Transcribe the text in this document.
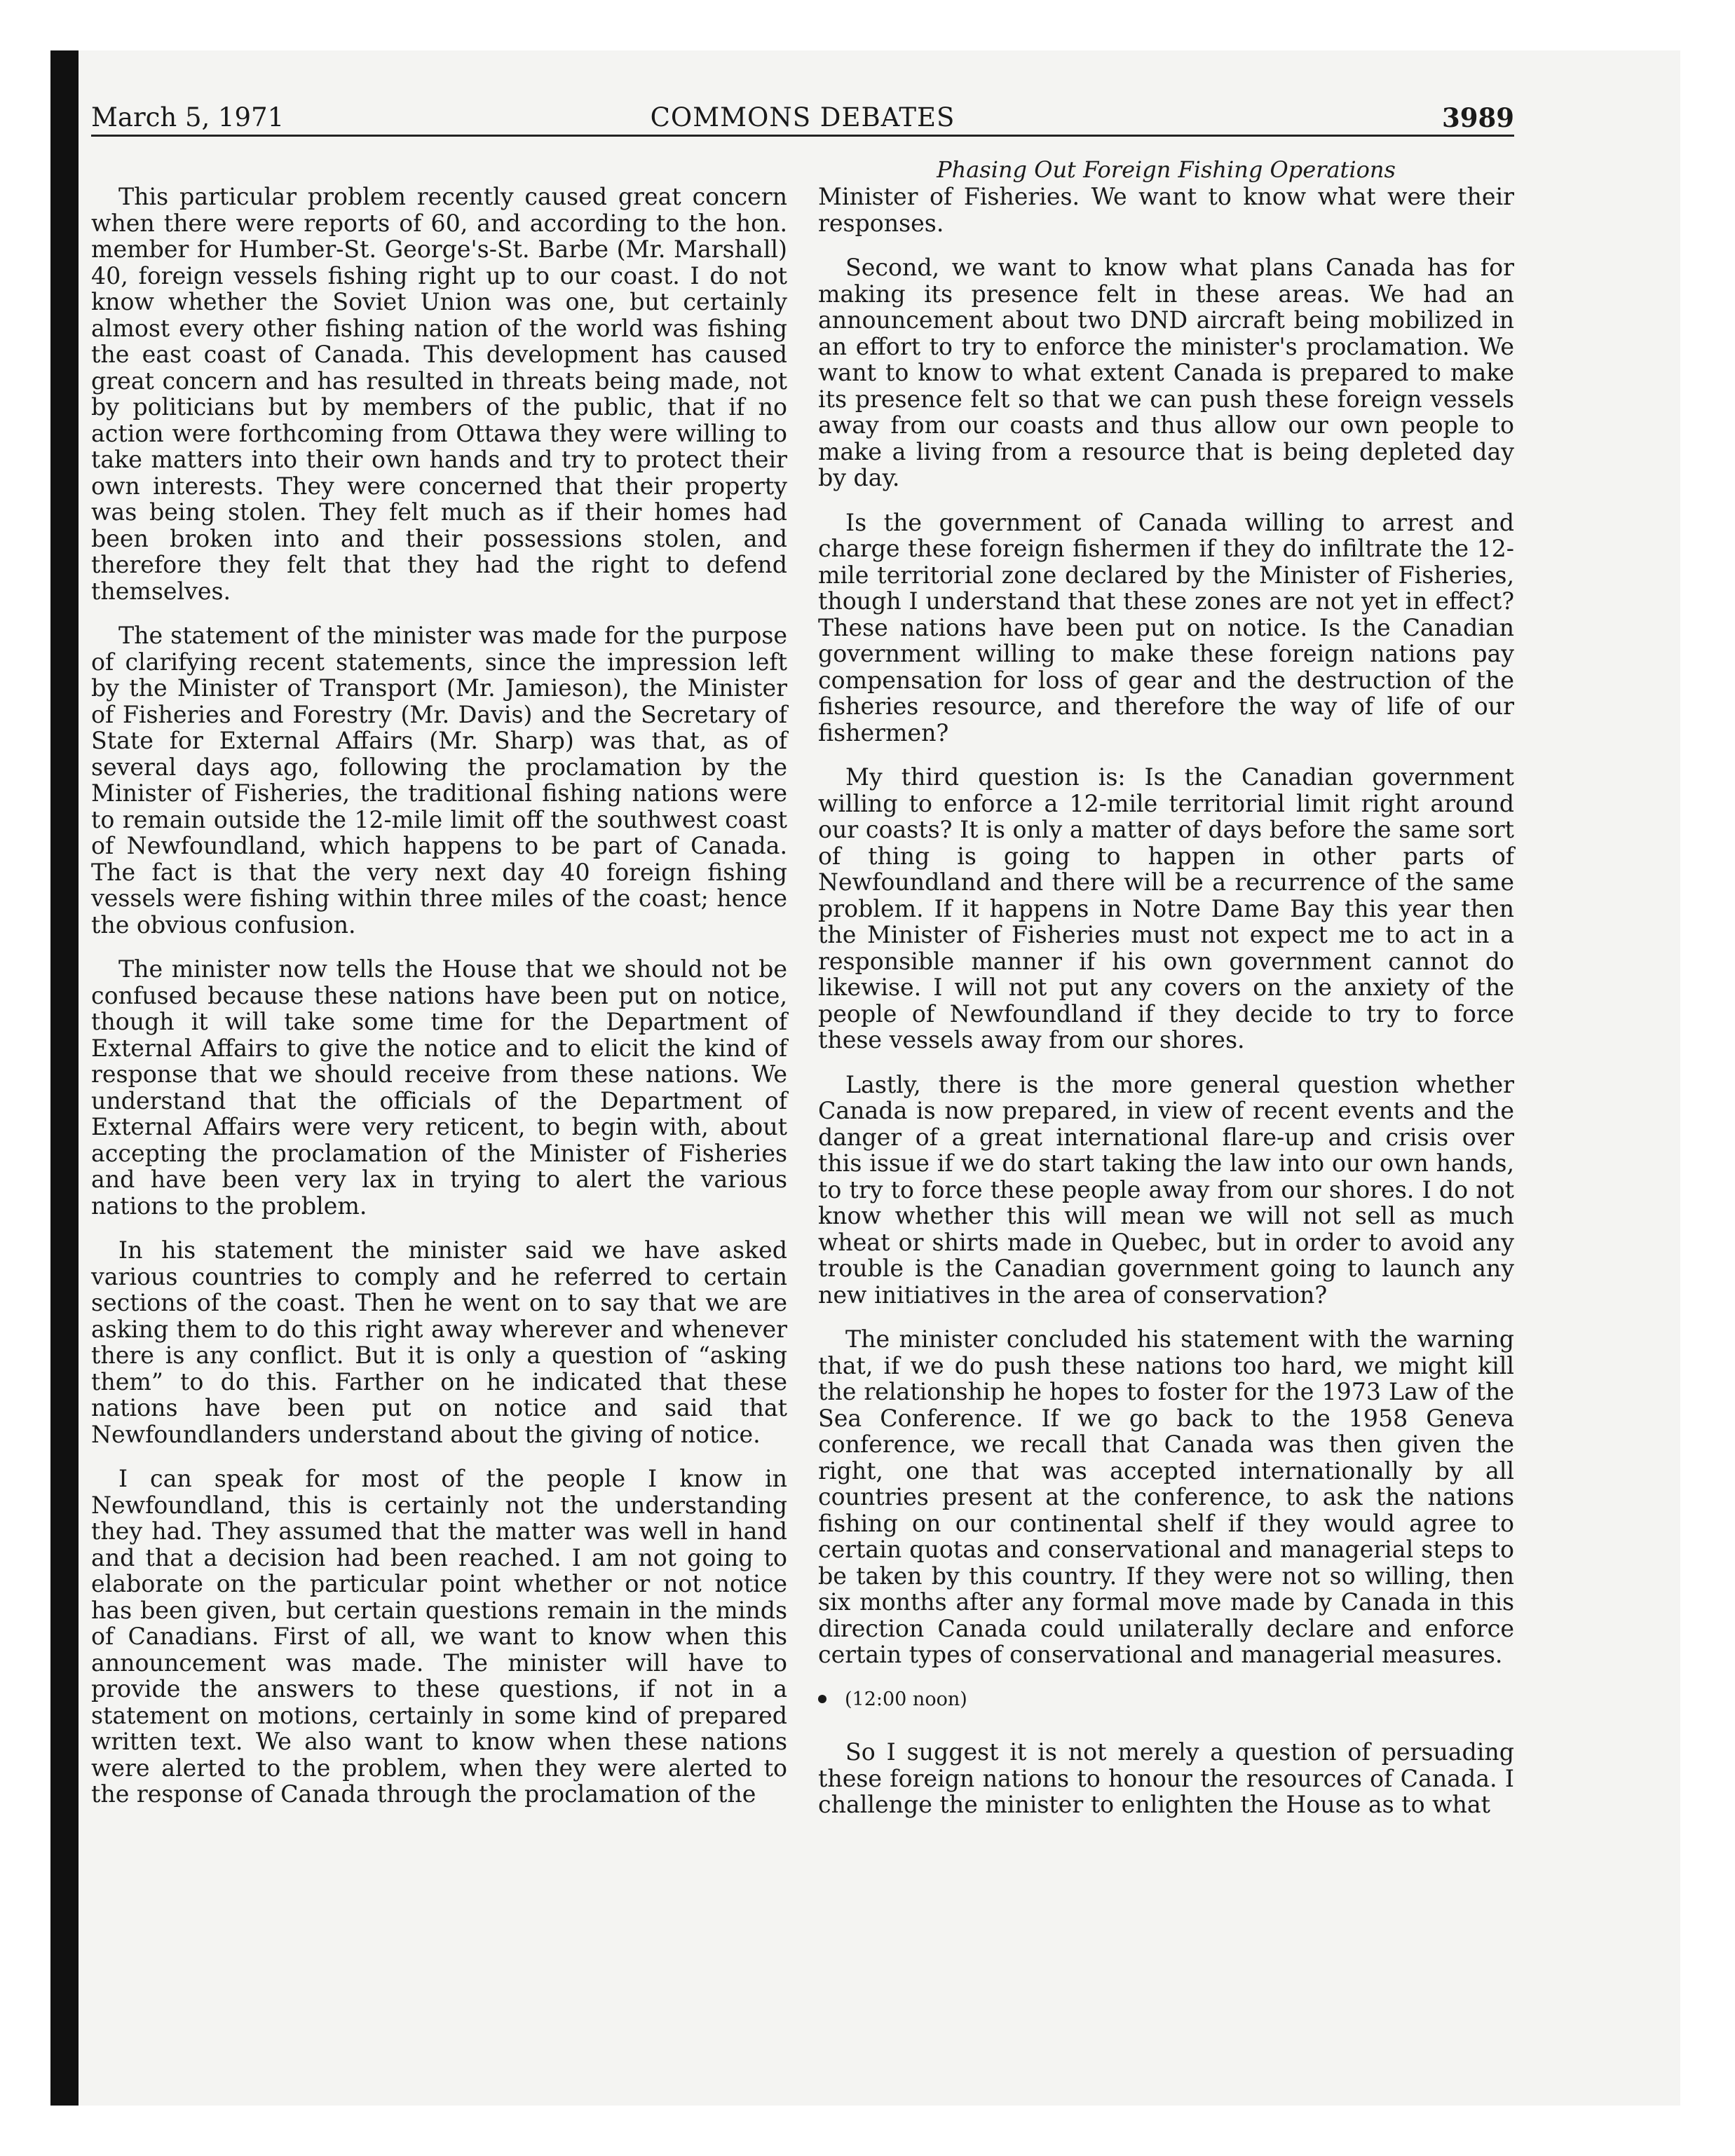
March 5, 1971	COMMONS DEBATES	3989
Phasing Out Foreign Fishing Operations

This particular problem recently caused great concern when there were reports of 60, and according to the hon. member for Humber-St. George's-St. Barbe (Mr. Marshall) 40, foreign vessels fishing right up to our coast. I do not know whether the Soviet Union was one, but certainly almost every other fishing nation of the world was fishing the east coast of Canada. This development has caused great concern and has resulted in threats being made, not by politicians but by members of the public, that if no action were forthcoming from Ottawa they were willing to take matters into their own hands and try to protect their own interests. They were concerned that their property was being stolen. They felt much as if their homes had been broken into and their possessions stolen, and therefore they felt that they had the right to defend themselves.

The statement of the minister was made for the purpose of clarifying recent statements, since the impression left by the Minister of Transport (Mr. Jamieson), the Minister of Fisheries and Forestry (Mr. Davis) and the Secretary of State for External Affairs (Mr. Sharp) was that, as of several days ago, following the proclamation by the Minister of Fisheries, the traditional fishing nations were to remain outside the 12-mile limit off the southwest coast of Newfoundland, which happens to be part of Canada. The fact is that the very next day 40 foreign fishing vessels were fishing within three miles of the coast; hence the obvious confusion.

The minister now tells the House that we should not be confused because these nations have been put on notice, though it will take some time for the Department of External Affairs to give the notice and to elicit the kind of response that we should receive from these nations. We understand that the officials of the Department of External Affairs were very reticent, to begin with, about accepting the proclamation of the Minister of Fisheries and have been very lax in trying to alert the various nations to the problem.

In his statement the minister said we have asked various countries to comply and he referred to certain sections of the coast. Then he went on to say that we are asking them to do this right away wherever and whenever there is any conflict. But it is only a question of “asking them” to do this. Farther on he indicated that these nations have been put on notice and said that Newfoundlanders understand about the giving of notice.

I can speak for most of the people I know in Newfoundland, this is certainly not the understanding they had. They assumed that the matter was well in hand and that a decision had been reached. I am not going to elaborate on the particular point whether or not notice has been given, but certain questions remain in the minds of Canadians. First of all, we want to know when this announcement was made. The minister will have to provide the answers to these questions, if not in a statement on motions, certainly in some kind of prepared written text. We also want to know when these nations were alerted to the problem, when they were alerted to the response of Canada through the proclamation of the

Minister of Fisheries. We want to know what were their responses.

Second, we want to know what plans Canada has for making its presence felt in these areas. We had an announcement about two DND aircraft being mobilized in an effort to try to enforce the minister's proclamation. We want to know to what extent Canada is prepared to make its presence felt so that we can push these foreign vessels away from our coasts and thus allow our own people to make a living from a resource that is being depleted day by day.

Is the government of Canada willing to arrest and charge these foreign fishermen if they do infiltrate the 12-mile territorial zone declared by the Minister of Fisheries, though I understand that these zones are not yet in effect? These nations have been put on notice. Is the Canadian government willing to make these foreign nations pay compensation for loss of gear and the destruction of the fisheries resource, and therefore the way of life of our fishermen?

My third question is: Is the Canadian government willing to enforce a 12-mile territorial limit right around our coasts? It is only a matter of days before the same sort of thing is going to happen in other parts of Newfoundland and there will be a recurrence of the same problem. If it happens in Notre Dame Bay this year then the Minister of Fisheries must not expect me to act in a responsible manner if his own government cannot do likewise. I will not put any covers on the anxiety of the people of Newfoundland if they decide to try to force these vessels away from our shores.

Lastly, there is the more general question whether Canada is now prepared, in view of recent events and the danger of a great international flare-up and crisis over this issue if we do start taking the law into our own hands, to try to force these people away from our shores. I do not know whether this will mean we will not sell as much wheat or shirts made in Quebec, but in order to avoid any trouble is the Canadian government going to launch any new initiatives in the area of conservation?

The minister concluded his statement with the warning that, if we do push these nations too hard, we might kill the relationship he hopes to foster for the 1973 Law of the Sea Conference. If we go back to the 1958 Geneva conference, we recall that Canada was then given the right, one that was accepted internationally by all countries present at the conference, to ask the nations fishing on our continental shelf if they would agree to certain quotas and conservational and managerial steps to be taken by this country. If they were not so willing, then six months after any formal move made by Canada in this direction Canada could unilaterally declare and enforce certain types of conservational and managerial measures.

(12:00 noon)

So I suggest it is not merely a question of persuading these foreign nations to honour the resources of Canada. I challenge the minister to enlighten the House as to what
